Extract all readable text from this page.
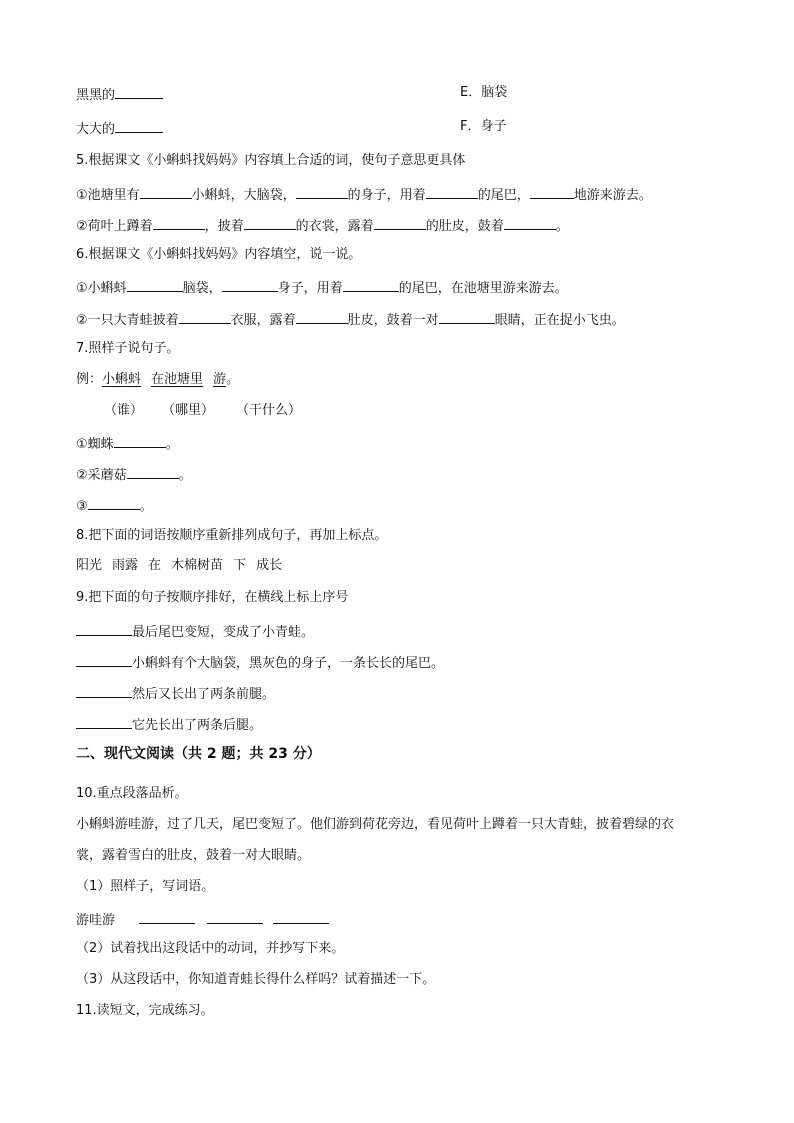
黑黑的	E．脑袋
大大的	F．身子
5.根据课文《小蝌蚪找妈妈》内容填上合适的词，使句子意思更具体
①池塘里有	小蝌蚪，大脑袋，	的身子，用着	的尾巴，	地游来游去。
②荷叶上蹲着	，披着	的衣裳，露着	的肚皮，鼓着	。
6.根据课文《小蝌蚪找妈妈》内容填空，说一说。
①小蝌蚪	脑袋，	身子，用着	的尾巴，在池塘里游来游去。
②一只大青蛙披着	衣服，露着	肚皮，鼓着一对	眼睛，正在捉小飞虫。
7.照样子说句子。
例：小蝌蚪 在池塘里 游。
（谁） （哪里） （干什么）
①蜘蛛	。
②采蘑菇	。
③	。
8.把下面的词语按顺序重新排列成句子，再加上标点。
阳光 雨露 在 木棉树苗 下 成长
9.把下面的句子按顺序排好，在横线上标上序号
最后尾巴变短，变成了小青蛙。
小蝌蚪有个大脑袋，黑灰色的身子，一条长长的尾巴。
然后又长出了两条前腿。
它先长出了两条后腿。
二、现代文阅读（共 2 题；共 23 分）
10.重点段落品析。
小蝌蚪游哇游，过了几天，尾巴变短了。他们游到荷花旁边，看见荷叶上蹲着一只大青蛙，披着碧绿的衣
裳，露着雪白的肚皮，鼓着一对大眼睛。
（1）照样子，写词语。
游哇游
（2）试着找出这段话中的动词，并抄写下来。
（3）从这段话中，你知道青蛙长得什么样吗？试着描述一下。
11.读短文，完成练习。
